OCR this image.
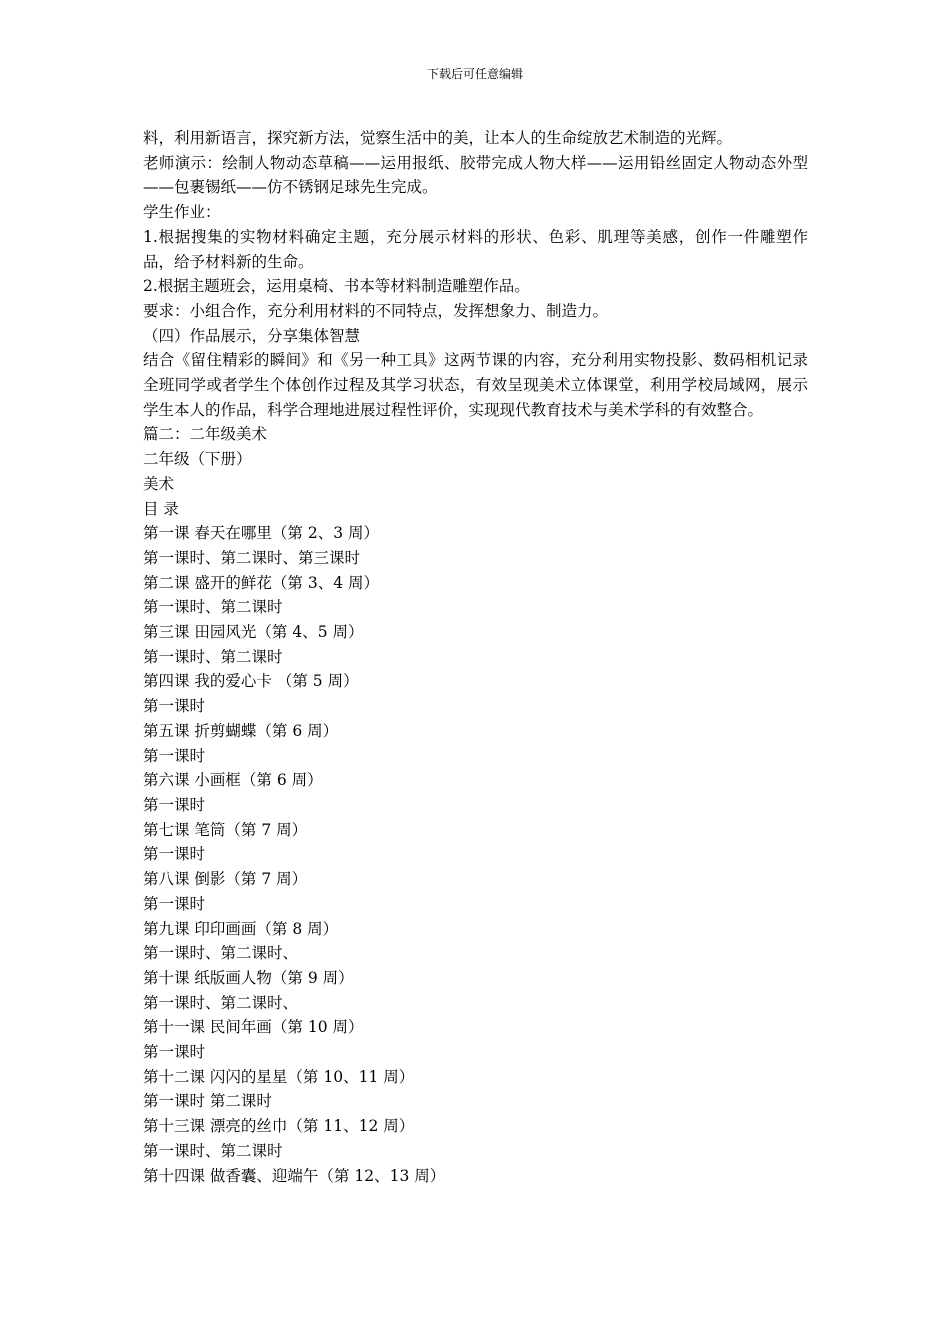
下载后可任意编辑

料，利用新语言，探究新方法，觉察生活中的美，让本人的生命绽放艺术制造的光辉。

老师演示：绘制人物动态草稿——运用报纸、胶带完成人物大样——运用铅丝固定人物动态外型——包裹锡纸——仿不锈钢足球先生完成。

学生作业：

1.根据搜集的实物材料确定主题，充分展示材料的形状、色彩、肌理等美感，创作一件雕塑作品，给予材料新的生命。

2.根据主题班会，运用桌椅、书本等材料制造雕塑作品。

要求：小组合作，充分利用材料的不同特点，发挥想象力、制造力。

（四）作品展示，分享集体智慧

结合《留住精彩的瞬间》和《另一种工具》这两节课的内容，充分利用实物投影、数码相机记录全班同学或者学生个体创作过程及其学习状态，有效呈现美术立体课堂，利用学校局域网，展示学生本人的作品，科学合理地进展过程性评价，实现现代教育技术与美术学科的有效整合。

篇二：二年级美术

二年级（下册）

美术

目 录

第一课 春天在哪里（第 2、3 周）

第一课时、第二课时、第三课时

第二课 盛开的鲜花（第 3、4 周）

第一课时、第二课时

第三课 田园风光（第 4、5 周）

第一课时、第二课时

第四课 我的爱心卡 （第 5 周）

第一课时

第五课 折剪蝴蝶（第 6 周）

第一课时

第六课 小画框（第 6 周）

第一课时

第七课 笔筒（第 7 周）

第一课时

第八课 倒影（第 7 周）

第一课时

第九课 印印画画（第 8 周）

第一课时、第二课时、

第十课 纸版画人物（第 9 周）

第一课时、第二课时、

第十一课 民间年画（第 10 周）

第一课时

第十二课 闪闪的星星（第 10、11 周）

第一课时 第二课时

第十三课 漂亮的丝巾（第 11、12 周）

第一课时、第二课时

第十四课 做香囊、迎端午（第 12、13 周）
